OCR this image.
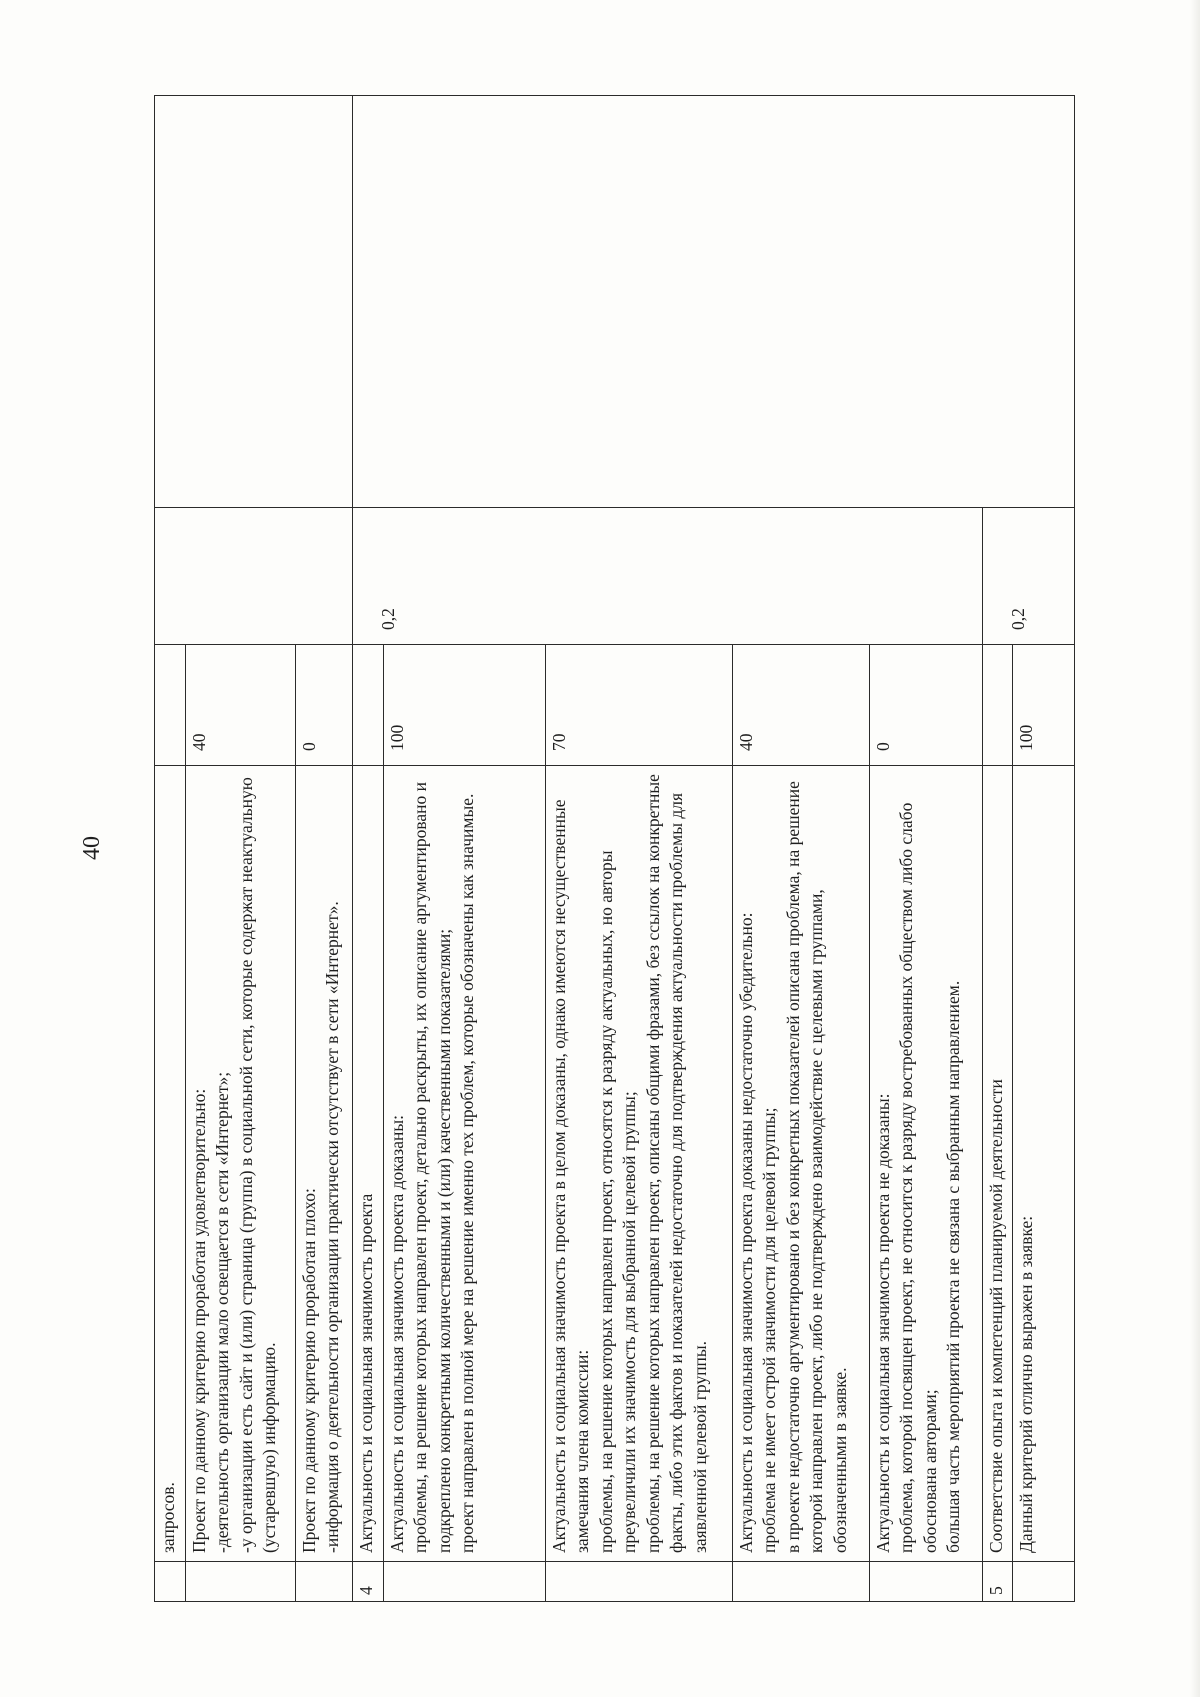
40

	запросов.			

	Проект по данному критерию проработан удовлетворительно: -деятельность организации мало освещается в сети «Интернет»; -у организации есть сайт и (или) страница (группа) в социальной сети, которые содержат неактуальную (устаревшую) информацию.	40		

	Проект по данному критерию проработан плохо: -информация о деятельности организации практически отсутствует в сети «Интернет».	0		
4	Актуальность и социальная значимость проекта		0,2	

	Актуальность и социальная значимость проекта доказаны: проблемы, на решение которых направлен проект, детально раскрыты, их описание аргументировано и подкреплено конкретными количественными и (или) качественными показателями; проект направлен в полной мере на решение именно тех проблем, которые обозначены как значимые.	100		

	Актуальность и социальная значимость проекта в целом доказаны, однако имеются несущественные замечания члена комиссии: проблемы, на решение которых направлен проект, относятся к разряду актуальных, но авторы преувеличили их значимость для выбранной целевой группы; проблемы, на решение которых направлен проект, описаны общими фразами, без ссылок на конкретные факты, либо этих фактов и показателей недостаточно для подтверждения актуальности проблемы для заявленной целевой группы.	70		

	Актуальность и социальная значимость проекта доказаны недостаточно убедительно: проблема не имеет острой значимости для целевой группы; в проекте недостаточно аргументировано и без конкретных показателей описана проблема, на решение которой направлен проект, либо не подтверждено взаимодействие с целевыми группами, обозначенными в заявке.	40		

	Актуальность и социальная значимость проекта не доказаны: проблема, которой посвящен проект, не относится к разряду востребованных обществом либо слабо обоснована авторами; большая часть мероприятий проекта не связана с выбранным направлением.	0		
5	Соответствие опыта и компетенций планируемой деятельности		0,2	

	Данный критерий отлично выражен в заявке:	100		
